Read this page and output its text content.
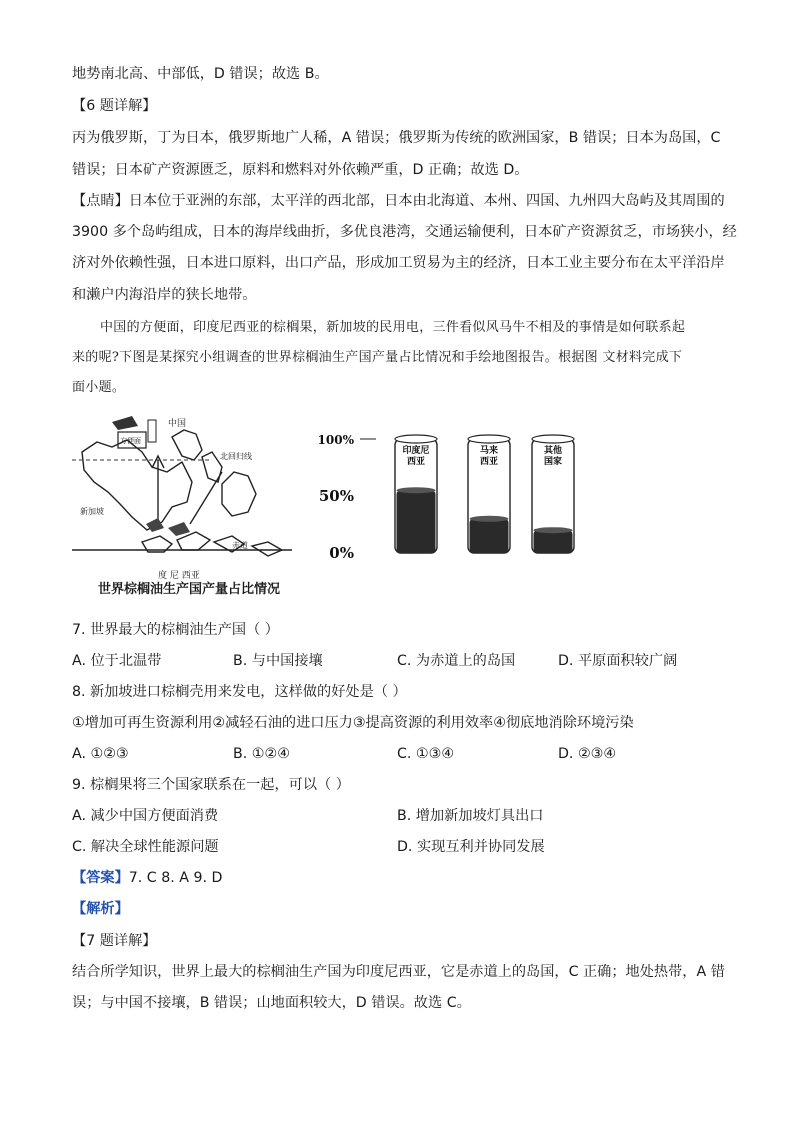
地势南北高、中部低，D 错误；故选 B。
【6 题详解】
丙为俄罗斯，丁为日本，俄罗斯地广人稀，A 错误；俄罗斯为传统的欧洲国家，B 错误；日本为岛国，C
错误；日本矿产资源匮乏，原料和燃料对外依赖严重，D 正确；故选 D。
【点睛】日本位于亚洲的东部，太平洋的西北部，日本由北海道、本州、四国、九州四大岛屿及其周围的
3900 多个岛屿组成，日本的海岸线曲折，多优良港湾，交通运输便利，日本矿产资源贫乏，市场狭小，经
济对外依赖性强，日本进口原料，出口产品，形成加工贸易为主的经济，日本工业主要分布在太平洋沿岸
和濑户内海沿岸的狭长地带。
中国的方便面，印度尼西亚的棕榈果，新加坡的民用电，三件看似风马牛不相及的事情是如何联系起
来的呢?下图是某探究小组调查的世界棕榈油生产国产量占比情况和手绘地图报告。根据图 文材料完成下
面小题。
中国
方便面
北回归线
新加坡
赤道
度 尼 西亚
100%
50%
0%
印度尼
西亚
马来
西亚
其他
国家
世界棕榈油生产国产量占比情况
7. 世界最大的棕榈油生产国（ ）
A. 位于北温带	B. 与中国接壤	C. 为赤道上的岛国	D. 平原面积较广阔
8. 新加坡进口棕榈壳用来发电，这样做的好处是（ ）
①增加可再生资源利用②减轻石油的进口压力③提高资源的利用效率④彻底地消除环境污染
A. ①②③	B. ①②④	C. ①③④	D. ②③④
9. 棕榈果将三个国家联系在一起，可以（ ）
A. 减少中国方便面消费	B. 增加新加坡灯具出口
C. 解决全球性能源问题	D. 实现互利并协同发展
【答案】7. C 8. A 9. D
【解析】
【7 题详解】
结合所学知识，世界上最大的棕榈油生产国为印度尼西亚，它是赤道上的岛国，C 正确；地处热带，A 错
误；与中国不接壤，B 错误；山地面积较大，D 错误。故选 C。
